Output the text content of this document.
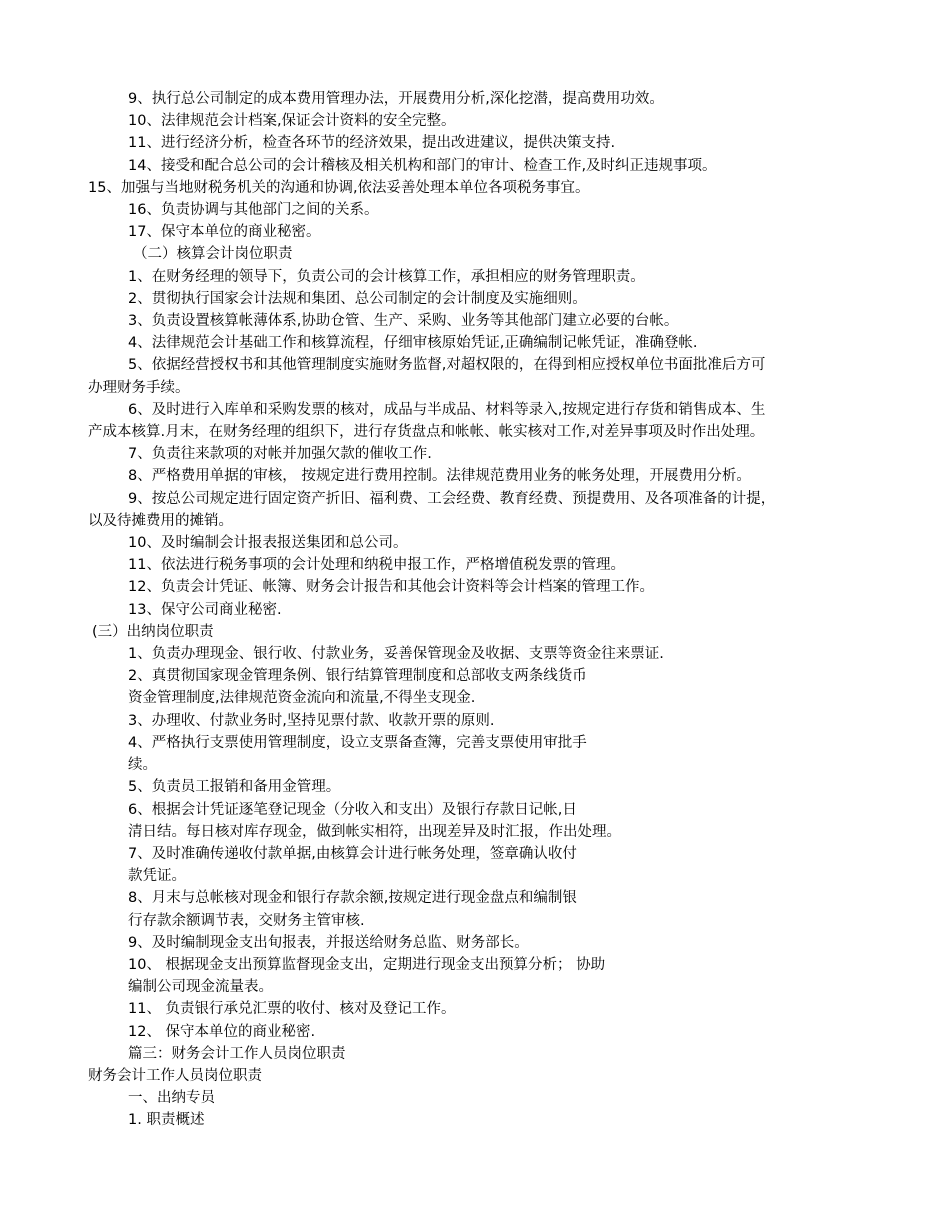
9、执行总公司制定的成本费用管理办法，开展费用分析,深化挖潜，提高费用功效。

10、法律规范会计档案,保证会计资料的安全完整。

11、进行经济分析，检查各环节的经济效果，提出改进建议，提供决策支持.

14、接受和配合总公司的会计稽核及相关机构和部门的审计、检查工作,及时纠正违规事项。

15、加强与当地财税务机关的沟通和协调,依法妥善处理本单位各项税务事宜。

16、负责协调与其他部门之间的关系。

17、保守本单位的商业秘密。

（二）核算会计岗位职责

1、在财务经理的领导下，负责公司的会计核算工作，承担相应的财务管理职责。

2、贯彻执行国家会计法规和集团、总公司制定的会计制度及实施细则。

3、负责设置核算帐薄体系,协助仓管、生产、采购、业务等其他部门建立必要的台帐。

4、法律规范会计基础工作和核算流程，仔细审核原始凭证,正确编制记帐凭证，准确登帐.

5、依据经营授权书和其他管理制度实施财务监督,对超权限的，在得到相应授权单位书面批准后方可

办理财务手续。

6、及时进行入库单和采购发票的核对，成品与半成品、材料等录入,按规定进行存货和销售成本、生

产成本核算.月末，在财务经理的组织下，进行存货盘点和帐帐、帐实核对工作,对差异事项及时作出处理。

7、负责往来款项的对帐并加强欠款的催收工作.

8、严格费用单据的审核， 按规定进行费用控制。法律规范费用业务的帐务处理，开展费用分析。

9、按总公司规定进行固定资产折旧、福利费、工会经费、教育经费、预提费用、及各项准备的计提，

以及待摊费用的摊销。

10、及时编制会计报表报送集团和总公司。

11、依法进行税务事项的会计处理和纳税申报工作，严格增值税发票的管理。

12、负责会计凭证、帐簿、财务会计报告和其他会计资料等会计档案的管理工作。

13、保守公司商业秘密.

(三）出纳岗位职责

1、负责办理现金、银行收、付款业务，妥善保管现金及收据、支票等资金往来票证.

2、真贯彻国家现金管理条例、银行结算管理制度和总部收支两条线货币

资金管理制度,法律规范资金流向和流量,不得坐支现金.

3、办理收、付款业务时,坚持见票付款、收款开票的原则.

4、严格执行支票使用管理制度，设立支票备查簿，完善支票使用审批手

续。

5、负责员工报销和备用金管理。

6、根据会计凭证逐笔登记现金（分收入和支出）及银行存款日记帐,日

清日结。每日核对库存现金，做到帐实相符，出现差异及时汇报，作出处理。

7、及时准确传递收付款单据,由核算会计进行帐务处理，签章确认收付

款凭证。

8、月末与总帐核对现金和银行存款余额,按规定进行现金盘点和编制银

行存款余额调节表，交财务主管审核.

9、及时编制现金支出旬报表，并报送给财务总监、财务部长。

10、 根据现金支出预算监督现金支出，定期进行现金支出预算分析； 协助

编制公司现金流量表。

11、 负责银行承兑汇票的收付、核对及登记工作。

12、 保守本单位的商业秘密.

篇三：财务会计工作人员岗位职责

财务会计工作人员岗位职责

一、出纳专员

1. 职责概述
